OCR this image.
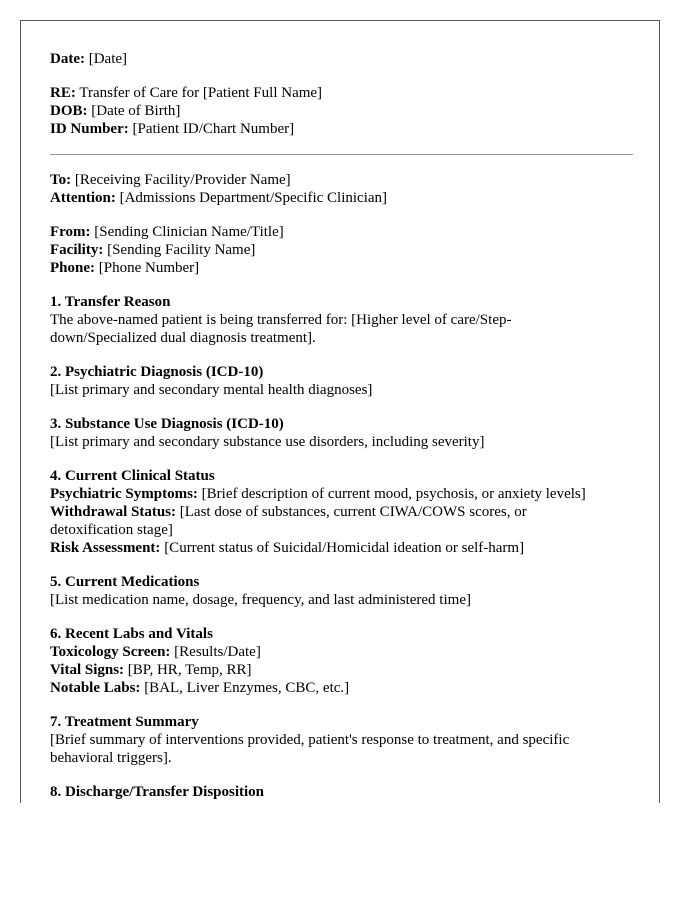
Date: [Date]
RE: Transfer of Care for [Patient Full Name]
DOB: [Date of Birth]
ID Number: [Patient ID/Chart Number]
To: [Receiving Facility/Provider Name]
Attention: [Admissions Department/Specific Clinician]
From: [Sending Clinician Name/Title]
Facility: [Sending Facility Name]
Phone: [Phone Number]
1. Transfer Reason
The above-named patient is being transferred for: [Higher level of care/Step-
down/Specialized dual diagnosis treatment].
2. Psychiatric Diagnosis (ICD-10)
[List primary and secondary mental health diagnoses]
3. Substance Use Diagnosis (ICD-10)
[List primary and secondary substance use disorders, including severity]
4. Current Clinical Status
Psychiatric Symptoms: [Brief description of current mood, psychosis, or anxiety levels]
Withdrawal Status: [Last dose of substances, current CIWA/COWS scores, or
detoxification stage]
Risk Assessment: [Current status of Suicidal/Homicidal ideation or self-harm]
5. Current Medications
[List medication name, dosage, frequency, and last administered time]
6. Recent Labs and Vitals
Toxicology Screen: [Results/Date]
Vital Signs: [BP, HR, Temp, RR]
Notable Labs: [BAL, Liver Enzymes, CBC, etc.]
7. Treatment Summary
[Brief summary of interventions provided, patient's response to treatment, and specific
behavioral triggers].
8. Discharge/Transfer Disposition
